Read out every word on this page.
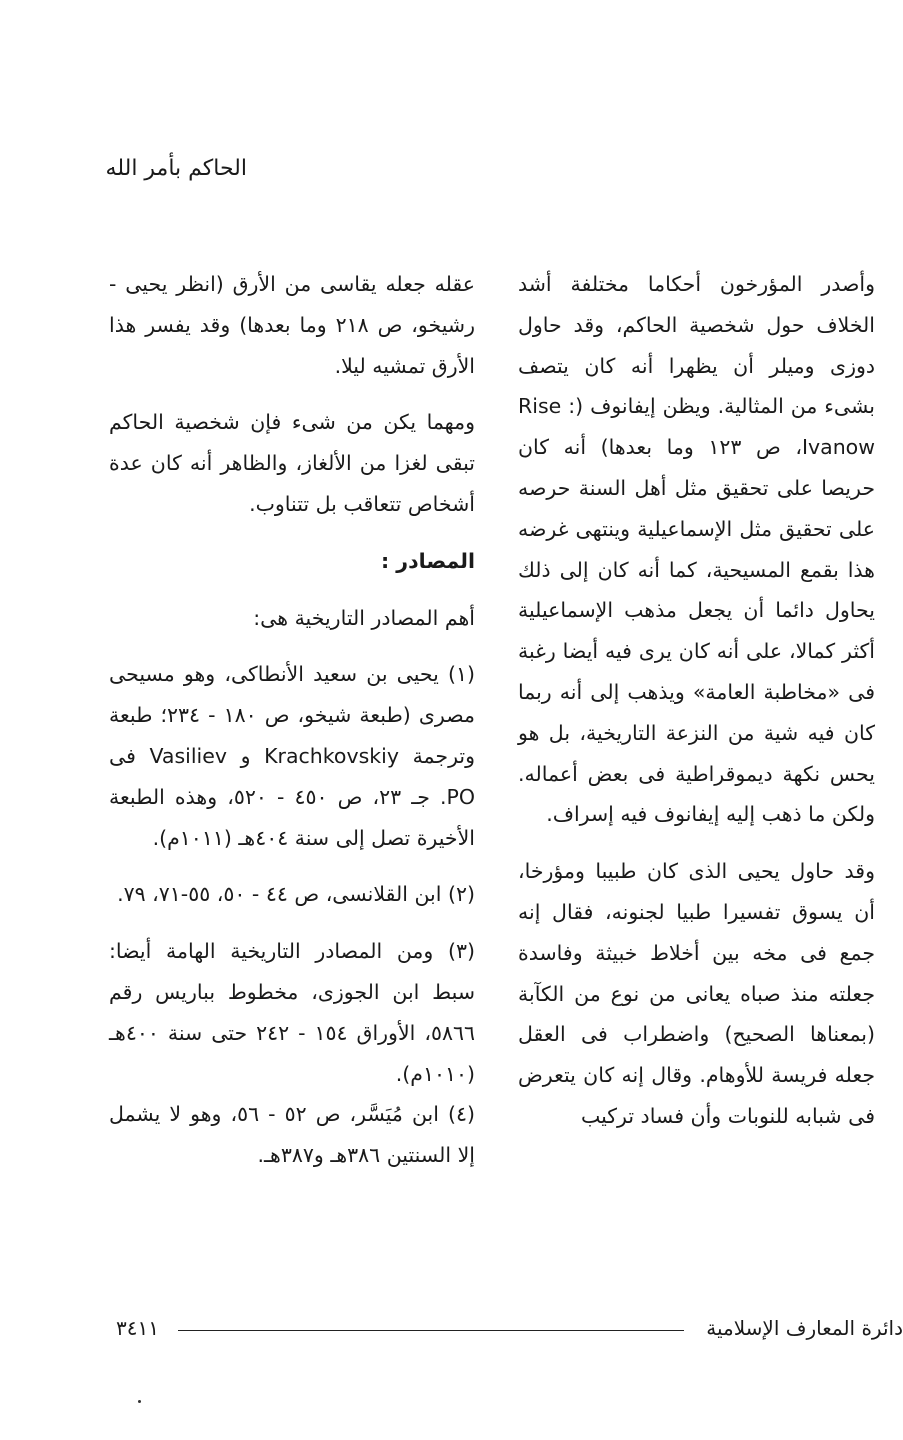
الحاكم بأمر الله

وأصدر المؤرخون أحكاما مختلفة أشد الخلاف حول شخصية الحاكم، وقد حاول دوزى وميلر أن يظهرا أنه كان يتصف بشىء من المثالية. ويظن إيفانوف (Rise : Ivanow، ص ١٢٣ وما بعدها) أنه كان حريصا على تحقيق مثل أهل السنة حرصه على تحقيق مثل الإسماعيلية وينتهى غرضه هذا بقمع المسيحية، كما أنه كان إلى ذلك يحاول دائما أن يجعل مذهب الإسماعيلية أكثر كمالا، على أنه كان يرى فيه أيضا رغبة فى «مخاطبة العامة» ويذهب إلى أنه ربما كان فيه شية من النزعة التاريخية، بل هو يحس نكهة ديموقراطية فى بعض أعماله. ولكن ما ذهب إليه إيفانوف فيه إسراف.

وقد حاول يحيى الذى كان طبيبا ومؤرخا، أن يسوق تفسيرا طبيا لجنونه، فقال إنه جمع فى مخه بين أخلاط خبيثة وفاسدة جعلته منذ صباه يعانى من نوع من الكآبة (بمعناها الصحيح) واضطراب فى العقل جعله فريسة للأوهام. وقال إنه كان يتعرض فى شبابه للنوبات وأن فساد تركيب

عقله جعله يقاسى من الأرق (انظر يحيى - رشيخو، ص ٢١٨ وما بعدها) وقد يفسر هذا الأرق تمشيه ليلا.

ومهما يكن من شىء فإن شخصية الحاكم تبقى لغزا من الألغاز، والظاهر أنه كان عدة أشخاص تتعاقب بل تتناوب.

المصادر :

أهم المصادر التاريخية هى:

(١) يحيى بن سعيد الأنطاكى، وهو مسيحى مصرى (طبعة شيخو، ص ١٨٠ - ٢٣٤؛ طبعة وترجمة Krachkovskiy و Vasiliev فى PO. جـ ٢٣، ص ٤٥٠ - ٥٢٠، وهذه الطبعة الأخيرة تصل إلى سنة ٤٠٤هـ (١٠١١م).

(٢) ابن القلانسى، ص ٤٤ - ٥٠، ٥٥-٧١، ٧٩.

(٣) ومن المصادر التاريخية الهامة أيضا: سبط ابن الجوزى، مخطوط بباريس رقم ٥٨٦٦، الأوراق ١٥٤ - ٢٤٢ حتى سنة ٤٠٠هـ (١٠١٠م).

(٤) ابن مُيَسَّر، ص ٥٢ - ٥٦، وهو لا يشمل إلا السنتين ٣٨٦هـ و٣٨٧هـ.

٣٤١١	دائرة المعارف الإسلامية
